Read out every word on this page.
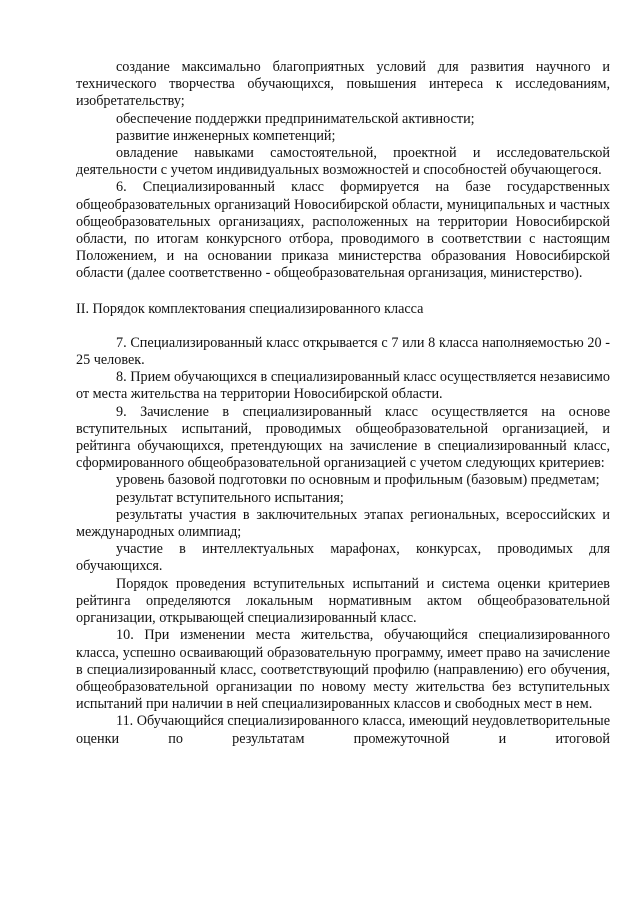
создание максимально благоприятных условий для развития научного и технического творчества обучающихся, повышения интереса к исследованиям, изобретательству;

обеспечение поддержки предпринимательской активности;

развитие инженерных компетенций;

овладение навыками самостоятельной, проектной и исследовательской деятельности с учетом индивидуальных возможностей и способностей обучающегося.

6. Специализированный класс формируется на базе государственных общеобразовательных организаций Новосибирской области, муниципальных и частных общеобразовательных организациях, расположенных на территории Новосибирской области, по итогам конкурсного отбора, проводимого в соответствии с настоящим Положением, и на основании приказа министерства образования Новосибирской области (далее соответственно - общеобразовательная организация, министерство).

II. Порядок комплектования специализированного класса

7. Специализированный класс открывается с 7 или 8 класса наполняемостью 20 - 25 человек.

8. Прием обучающихся в специализированный класс осуществляется независимо от места жительства на территории Новосибирской области.

9. Зачисление в специализированный класс осуществляется на основе вступительных испытаний, проводимых общеобразовательной организацией, и рейтинга обучающихся, претендующих на зачисление в специализированный класс, сформированного общеобразовательной организацией с учетом следующих критериев:

уровень базовой подготовки по основным и профильным (базовым) предметам;

результат вступительного испытания;

результаты участия в заключительных этапах региональных, всероссийских и международных олимпиад;

участие в интеллектуальных марафонах, конкурсах, проводимых для обучающихся.

Порядок проведения вступительных испытаний и система оценки критериев рейтинга определяются локальным нормативным актом общеобразовательной организации, открывающей специализированный класс.

10. При изменении места жительства, обучающийся специализированного класса, успешно осваивающий образовательную программу, имеет право на зачисление в специализированный класс, соответствующий профилю (направлению) его обучения, общеобразовательной организации по новому месту жительства без вступительных испытаний при наличии в ней специализированных классов и свободных мест в нем.

11. Обучающийся специализированного класса, имеющий неудовлетворительные оценки по результатам промежуточной и итоговой
